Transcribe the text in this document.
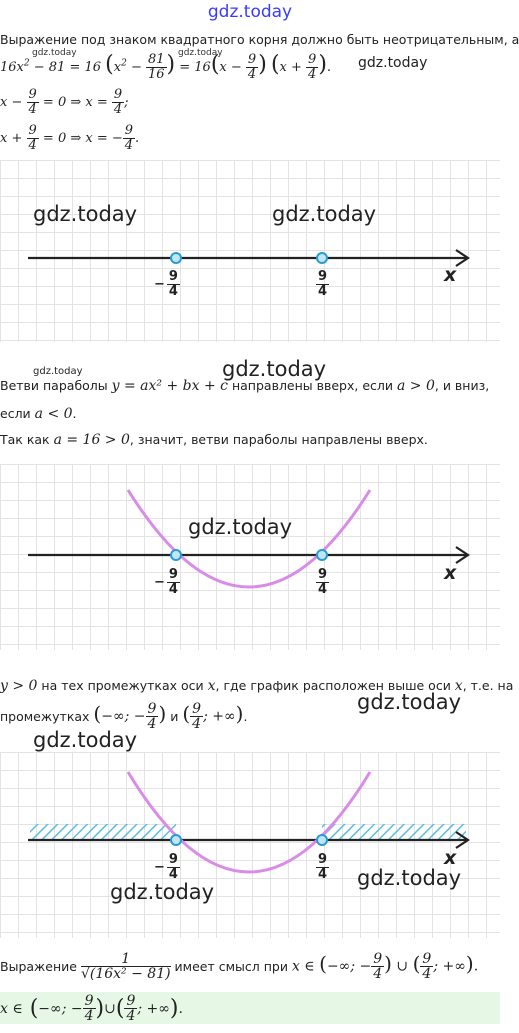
gdz.today
Выражение под знаком квадратного корня должно быть неотрицательным, а
gdz.today	gdz.today
$16x^2 - 81 = 16$ ($x^2 - \frac{81}{16}$ ) = $16(x - \frac{9}{4}$ ) ($x + \frac{9}{4}$ ). gdz.today
$x - \frac{9}{4} = 0$ ⇒ $x = \frac{9}{4}$ ;
$x + \frac{9}{4} = 0$ ⇒ x = − $\frac{9}{4}$ .
gdz.today	gdz.today
x
− $\frac{9}{4}$	$\frac{9}{4}$
gdz.today	gdz.today
Ветви параболы y = ax² + bx + c направлены вверх, если a > 0, и вниз,
если a < 0.
Так как a = 16 > 0, значит, ветви параболы направлены вверх.
gdz.today
x
− $\frac{9}{4}$	$\frac{9}{4}$
y > 0 на тех промежутках оси x, где график расположен выше оси x, т.е. на
промежутках (−∞; − $\frac{9}{4}$ ) и ( $\frac{9}{4}$ ; +∞) .
gdz.today
gdz.today
x
− $\frac{9}{4}$	$\frac{9}{4}$
gdz.today
gdz.today
Выражение $\frac{1}{\text{√(16x² − 81)}}$ имеет смысл при x ∈ (−∞; − $\frac{9}{4}$ ) ∪ ( $\frac{9}{4}$ ; +∞).
x ∈ ( −∞; − $\frac{9}{4}$ ) ∪ ( $\frac{9}{4}$ ; +∞ ) .
